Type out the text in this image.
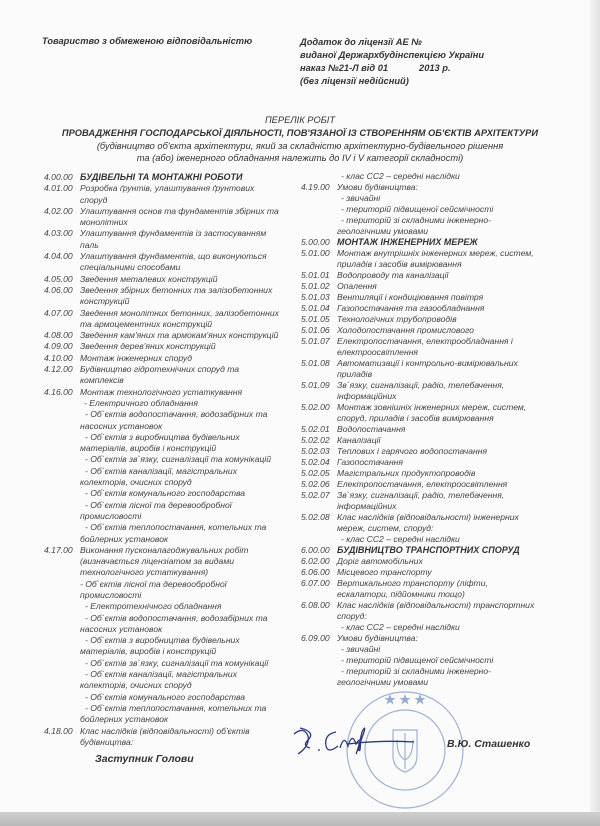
Товариство з обмеженою відповідальністю	Додаток до ліцензії АЕ №
виданої Держархбудінспекцією України
наказ №21-Л від 01            2013 р.
(без ліцензії недійсний)
ПЕРЕЛІК РОБІТ
ПРОВАДЖЕННЯ ГОСПОДАРСЬКОЇ ДІЯЛЬНОСТІ, ПОВ'ЯЗАНОЇ ІЗ СТВОРЕННЯМ ОБ'ЄКТІВ АРХІТЕКТУРИ
(будівництво об'єкта архітектури, який за складністю архітектурно-будівельного рішення
та (або) іженерного обладнання належить до IV і V категорії складності)
4.00.00 БУДІВЕЛЬНІ ТА МОНТАЖНІ РОБОТИ
4.01.00 Розробка ґрунтів, улаштування ґрунтових
споруд
4.02.00 Улаштування основ та фундаментів збірних та
монолітних
4.03.00 Улаштування фундаментів із застосуванням
паль
4.04.00 Улаштування фундаментів, що виконуються
спеціальними способами
4.05.00 Зведення металевих конструкцій
4.06.00 Зведення збірних бетонних та залізобетонних
конструкцій
4.07.00 Зведення монолітних бетонних, залізобетонних
та армоцементних конструкцій
4.08.00 Зведення кам'яних та армокам'яних конструкцій
4.09.00 Зведення дерев'яних конструкцій
4.10.00 Монтаж інженерних споруд
4.12.00 Будівництво гідротехнічних споруд та
комплексів
4.16.00 Монтаж технологічного устаткування
- Електричного обладнання
- Об`єктів водопостачання, водозабірних та
насосних установок
- Об`єктів з виробництва будівельних
матеріалів, виробів і конструкцій
- Об`єктів зв`язку, сигналізації та комунікацій
- Об`єктів каналізації, магістральних
колекторів, очисних споруд
- Об`єктів комунального господарства
- Об`єктів лісної та деревообробної
промисловості
- Об`єктів теплопостачання, котельних та
бойлерних установок
4.17.00 Виконання пусконалагоджувальних робіт
(визначається ліцензіатом за видами
технологічного устаткування)
- Об`єктів лісної та деревообробної
промисловості
- Електротехнічного обладнання
- Об`єктів водопостачання, водозабірних та
насосних установок
- Об`єктів з виробництва будівельних
матеріалів, виробів і конструкцій
- Об`єктів зв`язку, сигналізації та комунікації
- Об`єктів каналізації, магістральних
колекторів, очисних споруд
- Об`єктів комунального господарства
- Об`єктів теплопостачання, котельних та
бойлерних установок
4.18.00 Клас наслідків (відповідальності) об'єктів
будівництва:
- клас СС2 – середні наслідки
4.19.00 Умови будівництва:
- звичайні
- територій підвищеної сейсмічності
- територій зі складними інженерно-
геологічними умовами
5.00.00 МОНТАЖ ІНЖЕНЕРНИХ МЕРЕЖ
5.01.00 Монтаж внутрішніх інженерних мереж, систем,
приладів і засобів вимірювання
5.01.01 Водопроводу та каналізації
5.01.02 Опалення
5.01.03 Вентиляції і кондиціювання повітря
5.01.04 Газопостачання та газообладнання
5.01.05 Технологічних трубопроводів
5.01.06 Холодопостачання промислового
5.01.07 Електропостачання, електрообладнання і
електроосвітлення
5.01.08 Автоматизації і контрольно-вимірювальних
приладів
5.01.09 Зв`язку, сигналізації, радіо, телебачення,
інформаційних
5.02.00 Монтаж зовнішніх інженерних мереж, систем,
споруд, приладів і засобів вимірювання
5.02.01 Водопостачання
5.02.02 Каналізації
5.02.03 Теплових і гарячого водопостачання
5.02.04 Газопостачання
5.02.05 Магістральних продуктопроводів
5.02.06 Електропостачання, електроосвітлення
5.02.07 Зв`язку, сигналізації, радіо, телебачення,
інформаційних
5.02.08 Клас наслідків (відповідальності) інженерних
мереж, систем, споруд:
- клас СС2 – середні наслідки
6.00.00 БУДІВНИЦТВО ТРАНСПОРТНИХ СПОРУД
6.02.00 Доріг автомобільних
6.06.00 Місцевого транспорту
6.07.00 Вертикального транспорту (ліфти,
ескалатори, підйомники тощо)
6.08.00 Клас наслідків (відповідальності) транспортних
споруд:
- клас СС2 – середні наслідки
6.09.00 Умови будівництва:
- звичайні
- територій підвищеної сейсмічності
- територій зі складними інженерно-
геологічними умовами
Заступник Голови
В.Ю. Сташенко
